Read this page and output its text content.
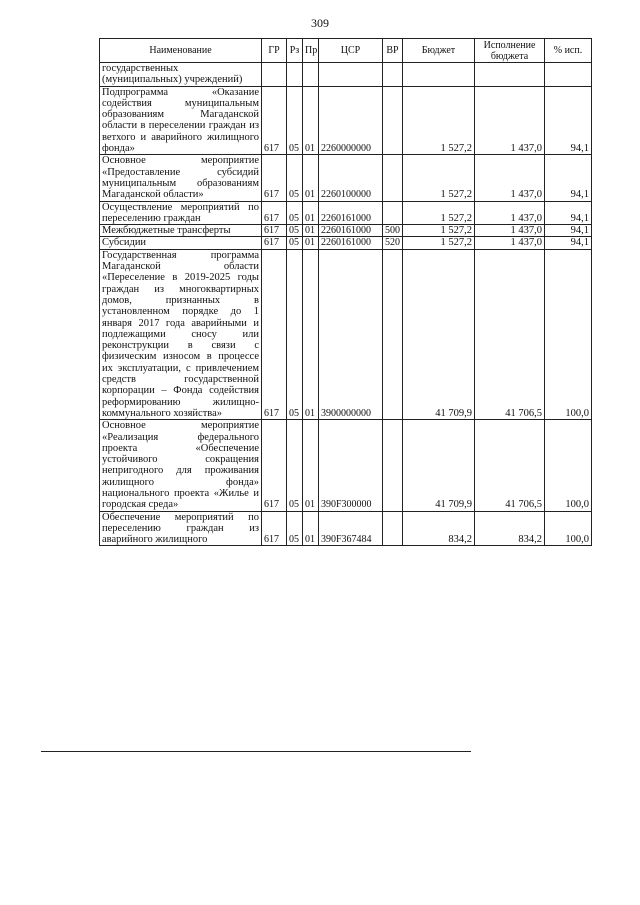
309
Наименование	ГР	Рз	Пр	ЦСР	ВР	Бюджет	Исполнение бюджета	% исп.
государственных (муниципальных) учреждений)								
Подпрограмма «Оказание содействия муниципальным образованиям Магаданской области в переселении граждан из ветхого и аварийного жилищного фонда»	617	05	01	2260000000		1 527,2	1 437,0	94,1
Основное мероприятие «Предоставление субсидий муниципальным образованиям Магаданской области»	617	05	01	2260100000		1 527,2	1 437,0	94,1
Осуществление мероприятий по переселению граждан	617	05	01	2260161000		1 527,2	1 437,0	94,1
Межбюджетные трансферты	617	05	01	2260161000	500	1 527,2	1 437,0	94,1
Субсидии	617	05	01	2260161000	520	1 527,2	1 437,0	94,1
Государственная программа Магаданской области «Переселение в 2019-2025 годы граждан из многоквартирных домов, признанных в установленном порядке до 1 января 2017 года аварийными и подлежащими сносу или реконструкции в связи с физическим износом в процессе их эксплуатации, с привлечением средств государственной корпорации – Фонда содействия реформированию жилищно-коммунального хозяйства»	617	05	01	3900000000		41 709,9	41 706,5	100,0
Основное мероприятие «Реализация федерального проекта «Обеспечение устойчивого сокращения непригодного для проживания жилищного фонда» национального проекта «Жилье и городская среда»	617	05	01	390F300000		41 709,9	41 706,5	100,0
Обеспечение мероприятий по переселению граждан из аварийного жилищного	617	05	01	390F367484		834,2	834,2	100,0
